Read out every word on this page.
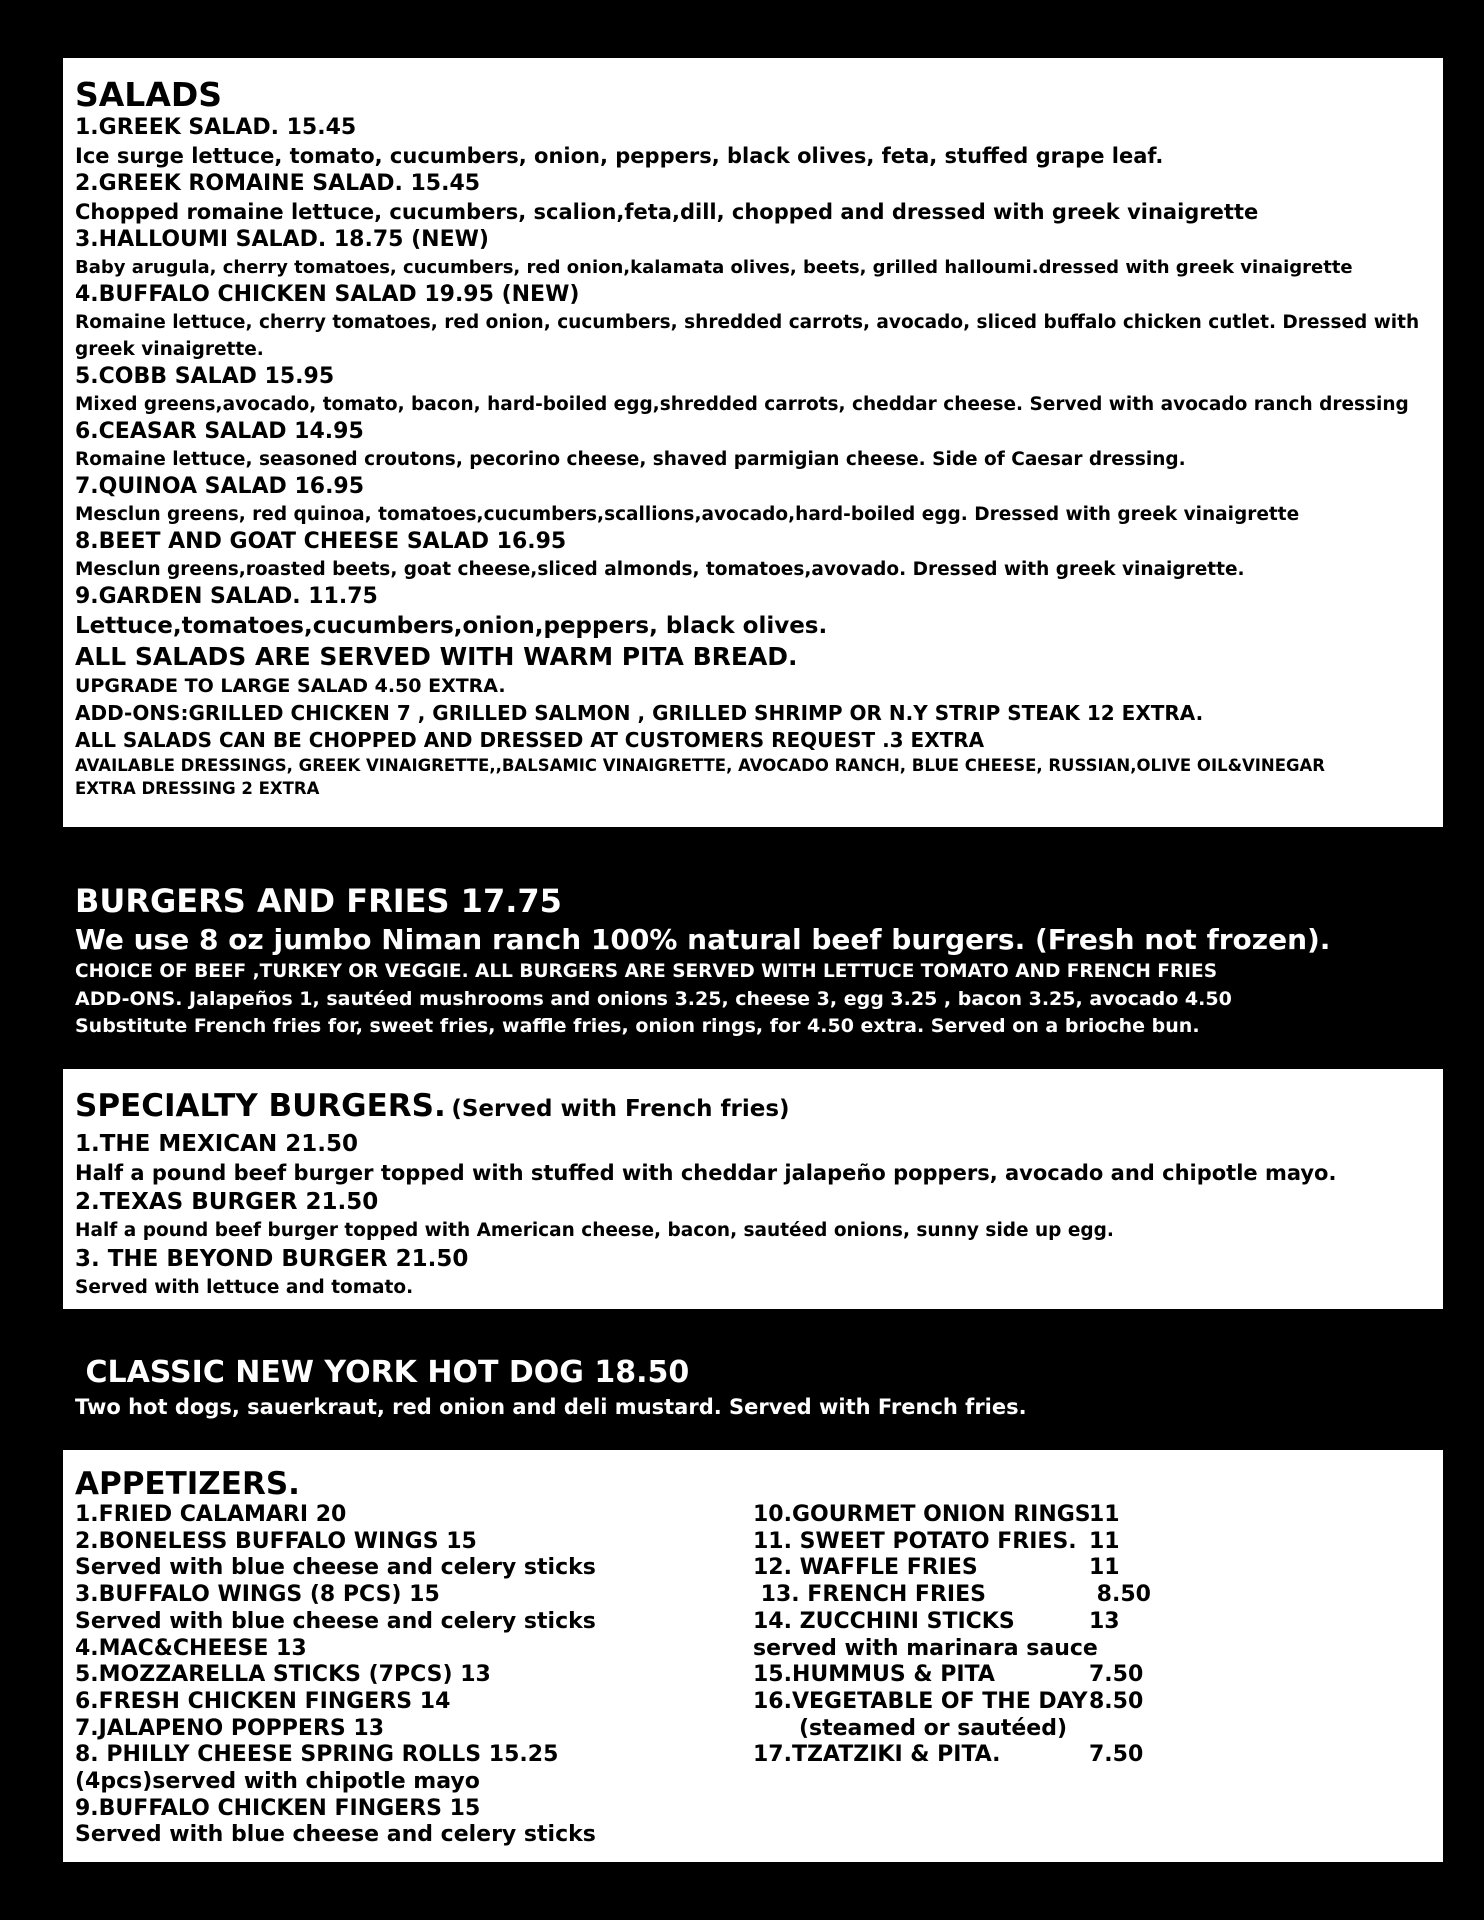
SALADS
1.GREEK SALAD. 15.45
Ice surge lettuce, tomato, cucumbers, onion, peppers, black olives, feta, stuffed grape leaf.
2.GREEK ROMAINE SALAD. 15.45
Chopped romaine lettuce, cucumbers, scalion,feta,dill, chopped and dressed with greek vinaigrette
3.HALLOUMI SALAD. 18.75 (NEW)
Baby arugula, cherry tomatoes, cucumbers, red onion,kalamata olives, beets, grilled halloumi.dressed with greek vinaigrette
4.BUFFALO CHICKEN SALAD 19.95 (NEW)
Romaine lettuce, cherry tomatoes, red onion, cucumbers, shredded carrots, avocado, sliced buffalo chicken cutlet. Dressed with greek vinaigrette.
5.COBB SALAD 15.95
Mixed greens,avocado, tomato, bacon, hard-boiled egg,shredded carrots, cheddar cheese. Served with avocado ranch dressing
6.CEASAR SALAD 14.95
Romaine lettuce, seasoned croutons, pecorino cheese, shaved parmigian cheese. Side of Caesar dressing.
7.QUINOA SALAD 16.95
Mesclun greens, red quinoa, tomatoes,cucumbers,scallions,avocado,hard-boiled egg. Dressed with greek vinaigrette
8.BEET AND GOAT CHEESE SALAD 16.95
Mesclun greens,roasted beets, goat cheese,sliced almonds, tomatoes,avovado. Dressed with greek vinaigrette.
9.GARDEN SALAD. 11.75
Lettuce,tomatoes,cucumbers,onion,peppers, black olives.
ALL SALADS ARE SERVED WITH WARM PITA BREAD.
UPGRADE TO LARGE SALAD 4.50 EXTRA.
ADD-ONS:GRILLED CHICKEN 7 , GRILLED SALMON , GRILLED SHRIMP OR N.Y STRIP STEAK 12 EXTRA.
ALL SALADS CAN BE CHOPPED AND DRESSED AT CUSTOMERS REQUEST .3 EXTRA
AVAILABLE DRESSINGS, GREEK VINAIGRETTE,,BALSAMIC VINAIGRETTE, AVOCADO RANCH, BLUE CHEESE, RUSSIAN,OLIVE OIL&VINEGAR
EXTRA DRESSING 2 EXTRA
BURGERS AND FRIES 17.75
We use 8 oz jumbo Niman ranch 100% natural beef burgers. (Fresh not frozen).
CHOICE OF BEEF ,TURKEY OR VEGGIE. ALL BURGERS ARE SERVED WITH LETTUCE TOMATO AND FRENCH FRIES
ADD-ONS. Jalapeños 1, sautéed mushrooms and onions 3.25, cheese 3, egg 3.25 , bacon 3.25, avocado 4.50
Substitute French fries for, sweet fries, waffle fries, onion rings, for 4.50 extra. Served on a brioche bun.
SPECIALTY BURGERS. (Served with French fries)
1.THE MEXICAN 21.50
Half a pound beef burger topped with stuffed with cheddar jalapeño poppers, avocado and chipotle mayo.
2.TEXAS BURGER 21.50
Half a pound beef burger topped with American cheese, bacon, sautéed onions, sunny side up egg.
3. THE BEYOND BURGER 21.50
Served with lettuce and tomato.
CLASSIC NEW YORK HOT DOG 18.50
Two hot dogs, sauerkraut, red onion and deli mustard. Served with French fries.
APPETIZERS.
1.FRIED CALAMARI 20
2.BONELESS BUFFALO WINGS 15
Served with blue cheese and celery sticks
3.BUFFALO WINGS (8 PCS) 15
Served with blue cheese and celery sticks
4.MAC&CHEESE 13
5.MOZZARELLA STICKS (7PCS) 13
6.FRESH CHICKEN FINGERS 14
7.JALAPENO POPPERS 13
8. PHILLY CHEESE SPRING ROLLS 15.25
(4pcs)served with chipotle mayo
9.BUFFALO CHICKEN FINGERS 15
Served with blue cheese and celery sticks
10.GOURMET ONION RINGS11
11. SWEET POTATO FRIES. 11
12. WAFFLE FRIES	11
13. FRENCH FRIES	8.50
14. ZUCCHINI STICKS	13
served with marinara sauce
15.HUMMUS & PITA	7.50
16.VEGETABLE OF THE DAY8.50
(steamed or sautéed)
17.TZATZIKI & PITA.	7.50
